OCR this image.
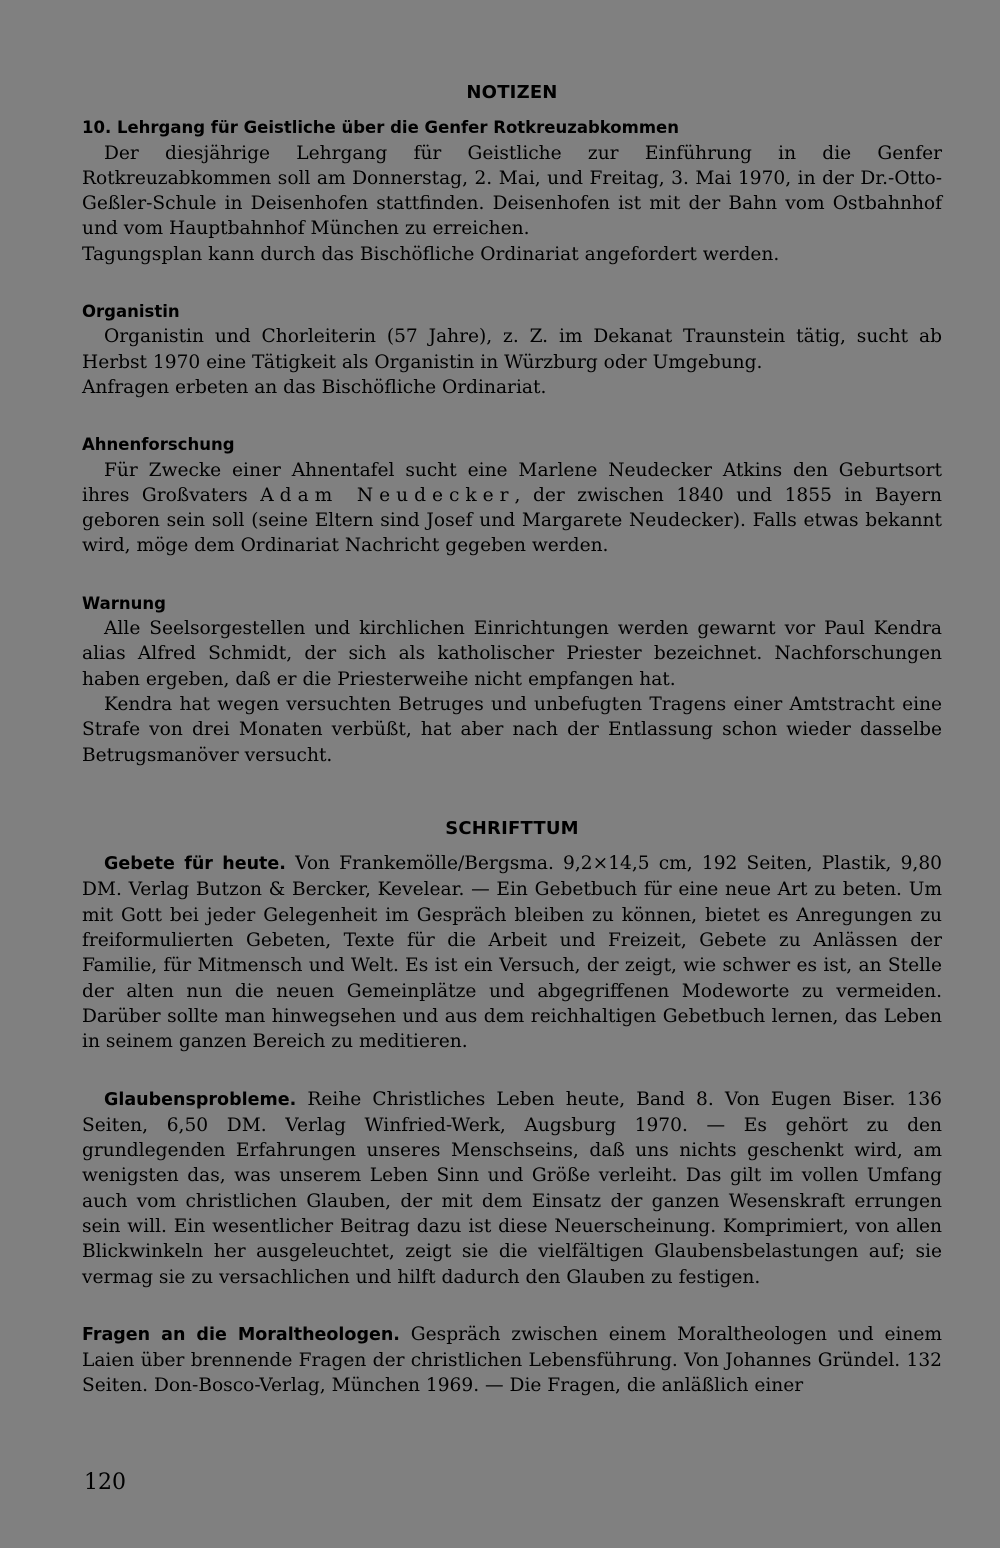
NOTIZEN
10. Lehrgang für Geistliche über die Genfer Rotkreuzabkommen

Der diesjährige Lehrgang für Geistliche zur Einführung in die Genfer Rotkreuzabkommen soll am Donnerstag, 2. Mai, und Freitag, 3. Mai 1970, in der Dr.-Otto-Geßler-Schule in Deisenhofen stattfinden. Deisenhofen ist mit der Bahn vom Ostbahnhof und vom Hauptbahnhof München zu erreichen.

Tagungsplan kann durch das Bischöfliche Ordinariat angefordert werden.

Organistin

Organistin und Chorleiterin (57 Jahre), z. Z. im Dekanat Traunstein tätig, sucht ab Herbst 1970 eine Tätigkeit als Organistin in Würzburg oder Umgebung.

Anfragen erbeten an das Bischöfliche Ordinariat.

Ahnenforschung

Für Zwecke einer Ahnentafel sucht eine Marlene Neudecker Atkins den Geburtsort ihres Großvaters Adam Neudecker, der zwischen 1840 und 1855 in Bayern geboren sein soll (seine Eltern sind Josef und Margarete Neudecker). Falls etwas bekannt wird, möge dem Ordinariat Nachricht gegeben werden.

Warnung

Alle Seelsorgestellen und kirchlichen Einrichtungen werden gewarnt vor Paul Kendra alias Alfred Schmidt, der sich als katholischer Priester bezeichnet. Nachforschungen haben ergeben, daß er die Priesterweihe nicht empfangen hat.

Kendra hat wegen versuchten Betruges und unbefugten Tragens einer Amtstracht eine Strafe von drei Monaten verbüßt, hat aber nach der Entlassung schon wieder dasselbe Betrugsmanöver versucht.

SCHRIFTTUM

Gebete für heute. Von Frankemölle/Bergsma. 9,2×14,5 cm, 192 Seiten, Plastik, 9,80 DM. Verlag Butzon & Bercker, Kevelear. — Ein Gebetbuch für eine neue Art zu beten. Um mit Gott bei jeder Gelegenheit im Gespräch bleiben zu können, bietet es Anregungen zu freiformulierten Gebeten, Texte für die Arbeit und Freizeit, Gebete zu Anlässen der Familie, für Mitmensch und Welt. Es ist ein Versuch, der zeigt, wie schwer es ist, an Stelle der alten nun die neuen Gemeinplätze und abgegriffenen Modeworte zu vermeiden. Darüber sollte man hinwegsehen und aus dem reichhaltigen Gebetbuch lernen, das Leben in seinem ganzen Bereich zu meditieren.

Glaubensprobleme. Reihe Christliches Leben heute, Band 8. Von Eugen Biser. 136 Seiten, 6,50 DM. Verlag Winfried-Werk, Augsburg 1970. — Es gehört zu den grundlegenden Erfahrungen unseres Menschseins, daß uns nichts geschenkt wird, am wenigsten das, was unserem Leben Sinn und Größe verleiht. Das gilt im vollen Umfang auch vom christlichen Glauben, der mit dem Einsatz der ganzen Wesenskraft errungen sein will. Ein wesentlicher Beitrag dazu ist diese Neuerscheinung. Komprimiert, von allen Blickwinkeln her ausgeleuchtet, zeigt sie die vielfältigen Glaubensbelastungen auf; sie vermag sie zu versachlichen und hilft dadurch den Glauben zu festigen.

Fragen an die Moraltheologen. Gespräch zwischen einem Moraltheologen und einem Laien über brennende Fragen der christlichen Lebensführung. Von Johannes Gründel. 132 Seiten. Don-Bosco-Verlag, München 1969. — Die Fragen, die anläßlich einer

120
